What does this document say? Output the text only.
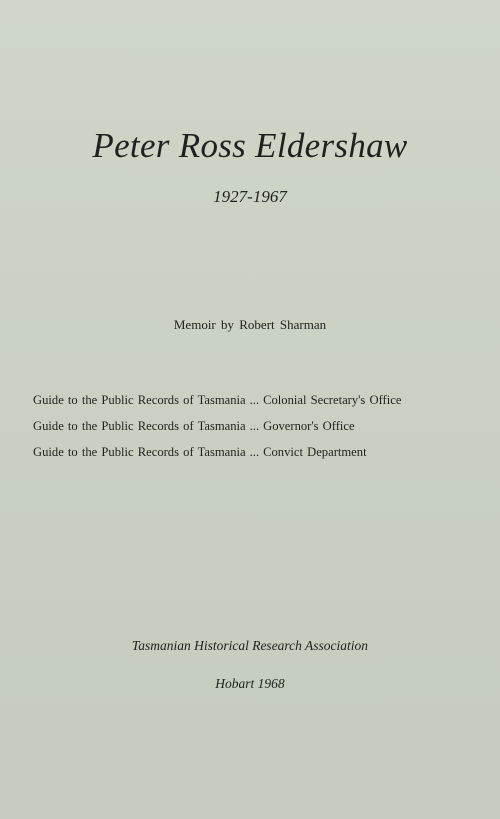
Peter Ross Eldershaw
1927-1967
Memoir by Robert Sharman
Guide to the Public Records of Tasmania ... Colonial Secretary's Office
Guide to the Public Records of Tasmania ... Governor's Office
Guide to the Public Records of Tasmania ... Convict Department
Tasmanian Historical Research Association
Hobart 1968
